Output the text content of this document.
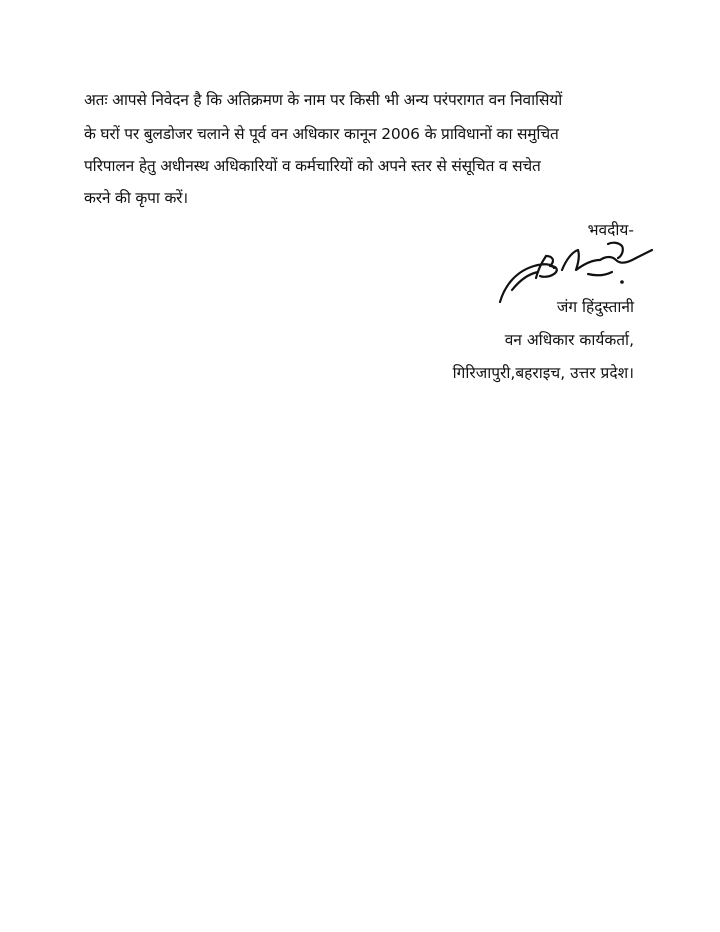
अतः आपसे निवेदन है कि अतिक्रमण के नाम पर किसी भी अन्य परंपरागत वन निवासियों
के घरों पर बुलडोजर चलाने से पूर्व वन अधिकार कानून 2006 के प्राविधानों का समुचित
परिपालन हेतु अधीनस्थ अधिकारियों व कर्मचारियों को अपने स्तर से संसूचित व सचेत
करने की कृपा करें।
भवदीय-
जंग हिंदुस्तानी
वन अधिकार कार्यकर्ता,
गिरिजापुरी,बहराइच, उत्तर प्रदेश।
